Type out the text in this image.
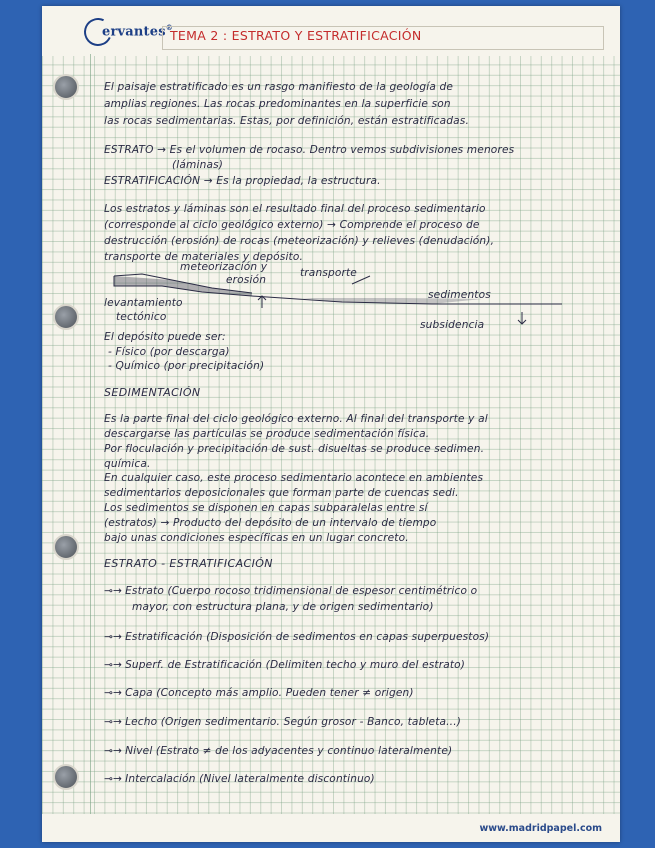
ervantes®
TEMA 2 : ESTRATO Y ESTRATIFICACIÓN
El paisaje estratificado es un rasgo manifiesto de la geología de
amplias regiones. Las rocas predominantes en la superficie son
las rocas sedimentarias. Estas, por definición, están estratificadas.
ESTRATO → Es el volumen de rocaso. Dentro vemos subdivisiones menores
(láminas)
ESTRATIFICACIÓN → Es la propiedad, la estructura.
Los estratos y láminas son el resultado final del proceso sedimentario
(corresponde al ciclo geológico externo) → Comprende el proceso de
destrucción (erosión) de rocas (meteorización) y relieves (denudación),
transporte de materiales y depósito.
meteorización y
erosión
transporte
sedimentos
levantamiento
tectónico
subsidencia
El depósito puede ser:
- Físico (por descarga)
- Químico (por precipitación)
SEDIMENTACIÓN
Es la parte final del ciclo geológico externo. Al final del transporte y al
descargarse las partículas se produce sedimentación física.
Por floculación y precipitación de sust. disueltas se produce sedimen.
química.
En cualquier caso, este proceso sedimentario acontece en ambientes
sedimentarios deposicionales que forman parte de cuencas sedi.
Los sedimentos se disponen en capas subparalelas entre sí
(estratos) → Producto del depósito de un intervalo de tiempo
bajo unas condiciones específicas en un lugar concreto.
ESTRATO - ESTRATIFICACIÓN
⊸→ Estrato (Cuerpo rocoso tridimensional de espesor centimétrico o
mayor, con estructura plana, y de origen sedimentario)
⊸→ Estratificación (Disposición de sedimentos en capas superpuestos)
⊸→ Superf. de Estratificación (Delimiten techo y muro del estrato)
⊸→ Capa (Concepto más amplio. Pueden tener ≠ origen)
⊸→ Lecho (Origen sedimentario. Según grosor - Banco, tableta...)
⊸→ Nivel (Estrato ≠ de los adyacentes y continuo lateralmente)
⊸→ Intercalación (Nivel lateralmente discontinuo)
www.madridpapel.com
